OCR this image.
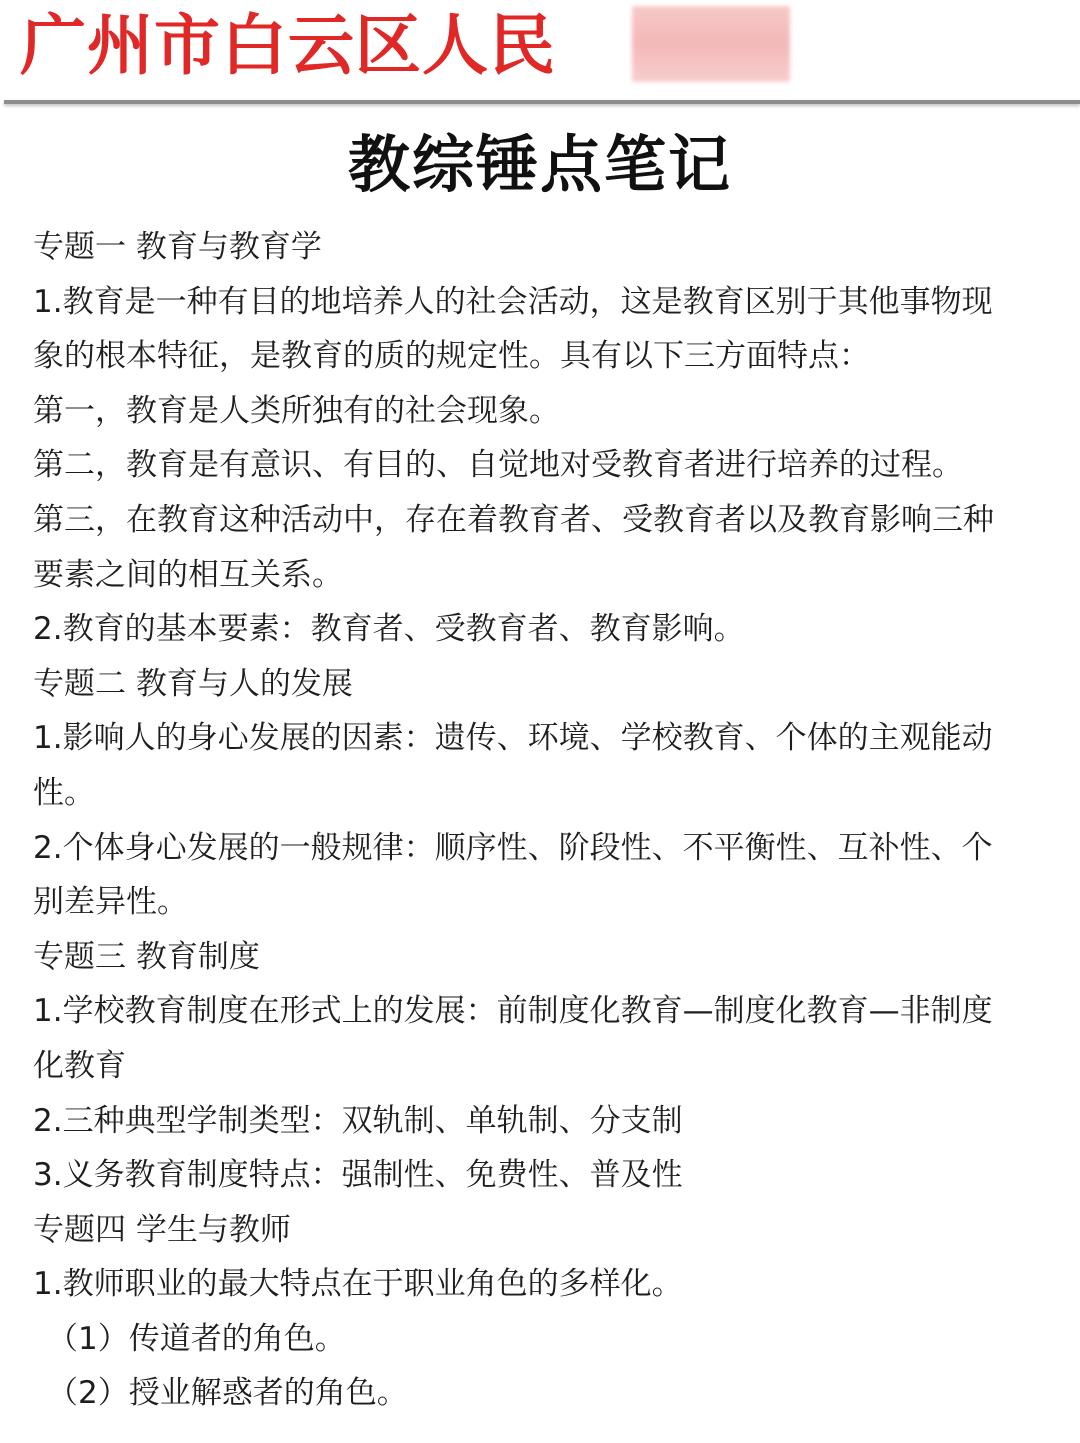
广州市白云区人民
教综锤点笔记
专题一 教育与教育学
1.教育是一种有目的地培养人的社会活动，这是教育区别于其他事物现
象的根本特征，是教育的质的规定性。具有以下三方面特点：
第一，教育是人类所独有的社会现象。
第二，教育是有意识、有目的、自觉地对受教育者进行培养的过程。
第三，在教育这种活动中，存在着教育者、受教育者以及教育影响三种
要素之间的相互关系。
2.教育的基本要素：教育者、受教育者、教育影响。
专题二 教育与人的发展
1.影响人的身心发展的因素：遗传、环境、学校教育、个体的主观能动
性。
2.个体身心发展的一般规律：顺序性、阶段性、不平衡性、互补性、个
别差异性。
专题三 教育制度
1.学校教育制度在形式上的发展：前制度化教育—制度化教育—非制度
化教育
2.三种典型学制类型：双轨制、单轨制、分支制
3.义务教育制度特点：强制性、免费性、普及性
专题四 学生与教师
1.教师职业的最大特点在于职业角色的多样化。
（1）传道者的角色。
（2）授业解惑者的角色。
